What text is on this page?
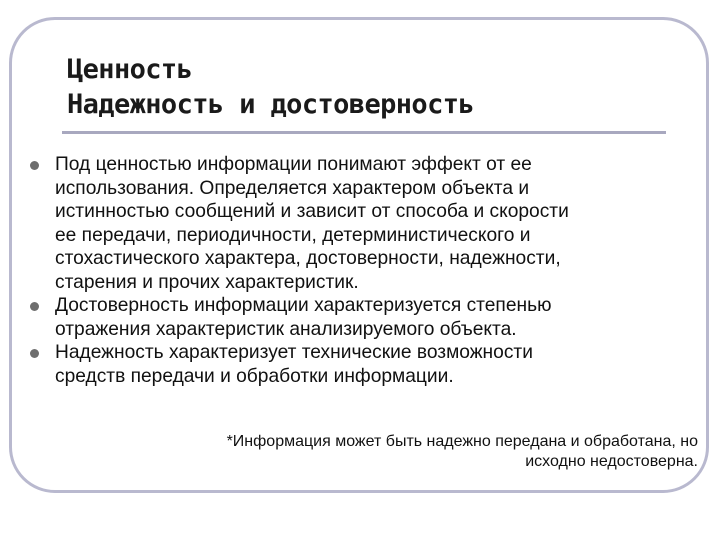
Ценность
Надежность и достоверность
Под ценностью информации понимают эффект от ее
использования. Определяется характером объекта и
истинностью сообщений и зависит от способа и скорости
ее передачи, периодичности, детерминистического и
стохастического характера, достоверности, надежности,
старения и прочих характеристик.
Достоверность информации характеризуется степенью
отражения характеристик анализируемого объекта.
Надежность характеризует технические возможности
средств передачи и обработки информации.
*Информация может быть надежно передана и обработана, но
исходно недостоверна.
